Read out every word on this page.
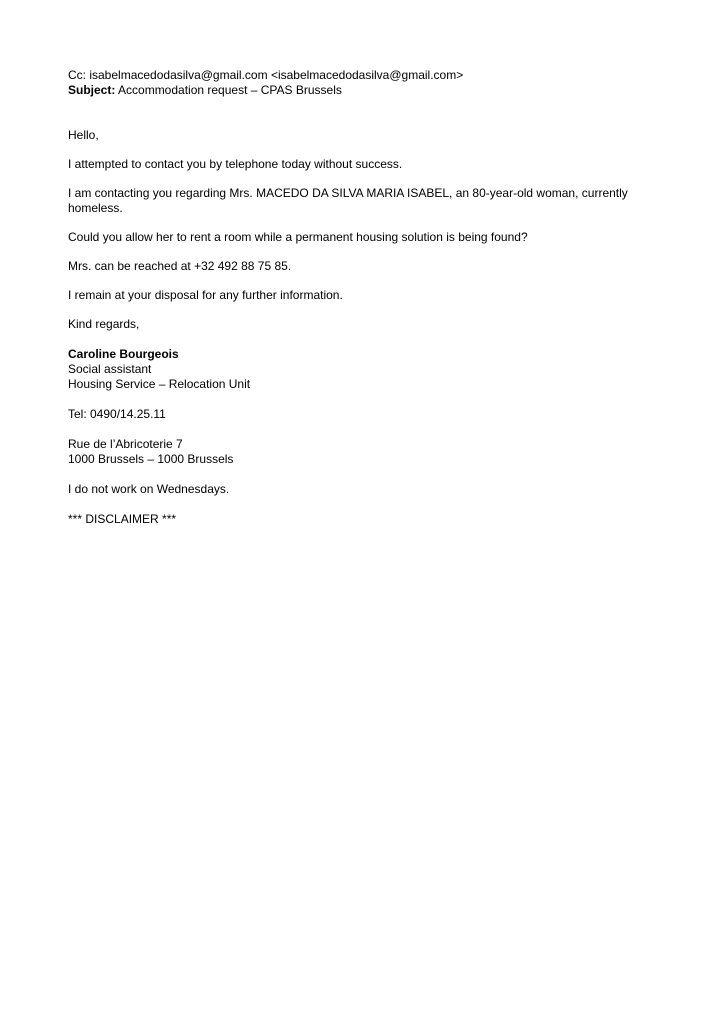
Cc: isabelmacedodasilva@gmail.com <isabelmacedodasilva@gmail.com>

Subject: Accommodation request – CPAS Brussels

Hello,

I attempted to contact you by telephone today without success.

I am contacting you regarding Mrs. MACEDO DA SILVA MARIA ISABEL, an 80-year-old woman, currently homeless.

Could you allow her to rent a room while a permanent housing solution is being found?

Mrs. can be reached at +32 492 88 75 85.

I remain at your disposal for any further information.

Kind regards,

Caroline Bourgeois

Social assistant

Housing Service – Relocation Unit

Tel: 0490/14.25.11

Rue de l’Abricoterie 7

1000 Brussels – 1000 Brussels

I do not work on Wednesdays.

*** DISCLAIMER ***
